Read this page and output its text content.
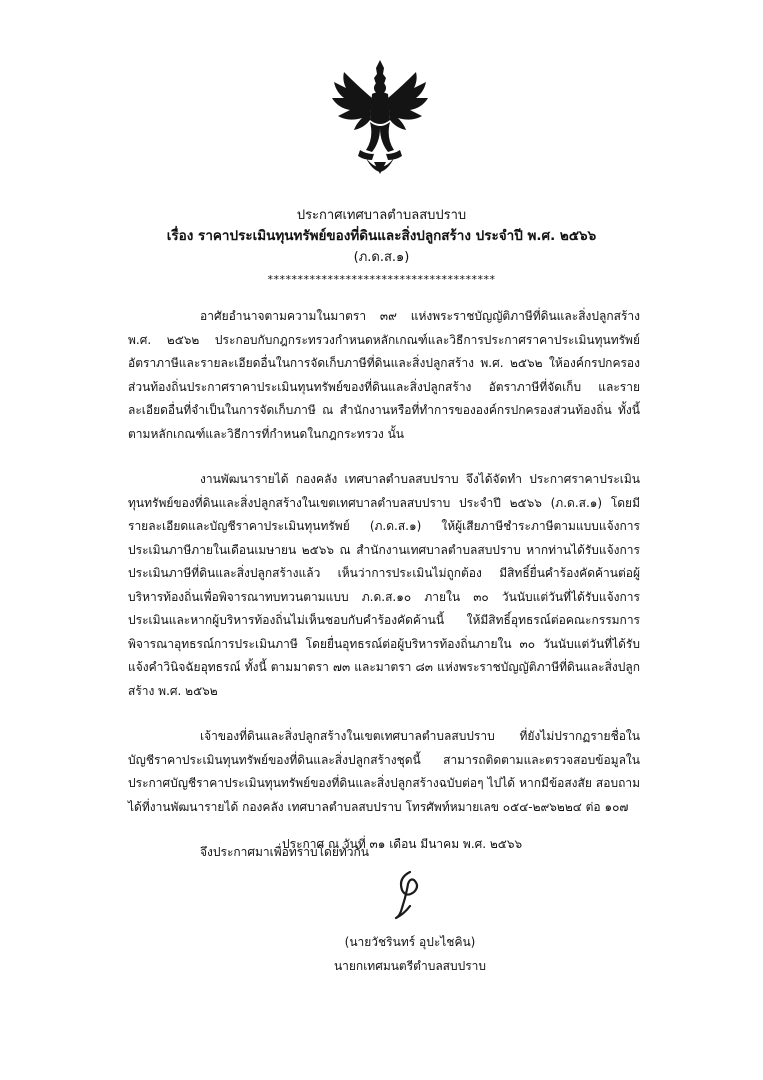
ประกาศเทศบาลตำบลสบปราบ
เรื่อง ราคาประเมินทุนทรัพย์ของที่ดินและสิ่งปลูกสร้าง ประจำปี พ.ศ. ๒๕๖๖
(ภ.ด.ส.๑)
**************************************

อาศัยอำนาจตามความในมาตรา ๓๙ แห่งพระราชบัญญัติภาษีที่ดินและสิ่งปลูกสร้าง พ.ศ. ๒๕๖๒ ประกอบกับกฎกระทรวงกำหนดหลักเกณฑ์และวิธีการประกาศราคาประเมินทุนทรัพย์ อัตราภาษีและรายละเอียดอื่นในการจัดเก็บภาษีที่ดินและสิ่งปลูกสร้าง พ.ศ. ๒๕๖๒ ให้องค์กรปกครองส่วนท้องถิ่นประกาศราคาประเมินทุนทรัพย์ของที่ดินและสิ่งปลูกสร้าง อัตราภาษีที่จัดเก็บ และรายละเอียดอื่นที่จำเป็นในการจัดเก็บภาษี ณ สำนักงานหรือที่ทำการขององค์กรปกครองส่วนท้องถิ่น ทั้งนี้ตามหลักเกณฑ์และวิธีการที่กำหนดในกฎกระทรวง นั้น

งานพัฒนารายได้ กองคลัง เทศบาลตำบลสบปราบ จึงได้จัดทำ ประกาศราคาประเมินทุนทรัพย์ของที่ดินและสิ่งปลูกสร้างในเขตเทศบาลตำบลสบปราบ ประจำปี ๒๕๖๖ (ภ.ด.ส.๑) โดยมีรายละเอียดและบัญชีราคาประเมินทุนทรัพย์ (ภ.ด.ส.๑) ให้ผู้เสียภาษีชำระภาษีตามแบบแจ้งการประเมินภาษีภายในเดือนเมษายน ๒๕๖๖ ณ สำนักงานเทศบาลตำบลสบปราบ หากท่านได้รับแจ้งการประเมินภาษีที่ดินและสิ่งปลูกสร้างแล้ว เห็นว่าการประเมินไม่ถูกต้อง มีสิทธิ์ยื่นคำร้องคัดค้านต่อผู้บริหารท้องถิ่นเพื่อพิจารณาทบทวนตามแบบ ภ.ด.ส.๑๐ ภายใน ๓๐ วันนับแต่วันที่ได้รับแจ้งการประเมินและหากผู้บริหารท้องถิ่นไม่เห็นชอบกับคำร้องคัดค้านนี้ ให้มีสิทธิ์อุทธรณ์ต่อคณะกรรมการพิจารณาอุทธรณ์การประเมินภาษี โดยยื่นอุทธรณ์ต่อผู้บริหารท้องถิ่นภายใน ๓๐ วันนับแต่วันที่ได้รับแจ้งคำวินิจฉัยอุทธรณ์ ทั้งนี้ ตามมาตรา ๗๓ และมาตรา ๘๓ แห่งพระราชบัญญัติภาษีที่ดินและสิ่งปลูกสร้าง พ.ศ. ๒๕๖๒

เจ้าของที่ดินและสิ่งปลูกสร้างในเขตเทศบาลตำบลสบปราบ ที่ยังไม่ปรากฏรายชื่อในบัญชีราคาประเมินทุนทรัพย์ของที่ดินและสิ่งปลูกสร้างชุดนี้ สามารถติดตามและตรวจสอบข้อมูลในประกาศบัญชีราคาประเมินทุนทรัพย์ของที่ดินและสิ่งปลูกสร้างฉบับต่อๆ ไปได้ หากมีข้อสงสัย สอบถาม ได้ที่งานพัฒนารายได้ กองคลัง เทศบาลตำบลสบปราบ โทรศัพท์หมายเลข ๐๕๔-๒๙๖๒๒๔ ต่อ ๑๐๗

จึงประกาศมาเพื่อทราบโดยทั่วกัน

ประกาศ ณ วันที่ ๓๑ เดือน มีนาคม พ.ศ. ๒๕๖๖
(นายวัชรินทร์ อุปะไชคิน)
นายกเทศมนตรีตำบลสบปราบ
